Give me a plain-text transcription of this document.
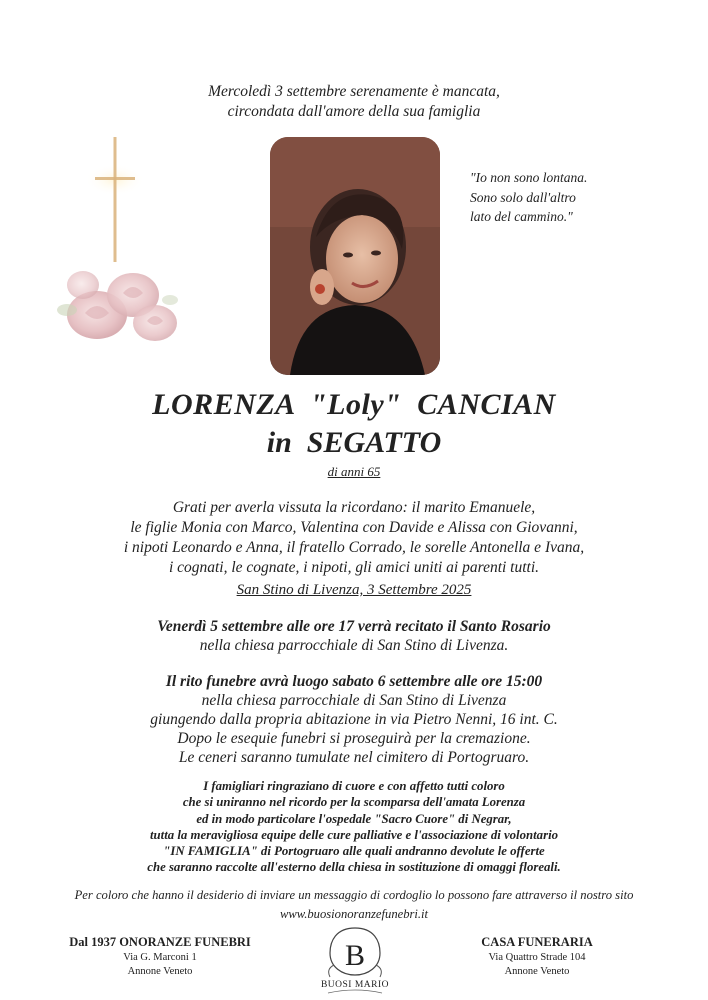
Mercoledì 3 settembre serenamente è mancata,
circondata dall'amore della sua famiglia
"Io non sono lontana.
Sono solo dall'altro
lato del cammino."
LORENZA  "Loly"  CANCIAN
in  SEGATTO
di anni 65
Grati per averla vissuta la ricordano: il marito Emanuele,
le figlie Monia con Marco, Valentina con Davide e Alissa con Giovanni,
i nipoti Leonardo e Anna, il fratello Corrado, le sorelle Antonella e Ivana,
i cognati, le cognate, i nipoti, gli amici uniti ai parenti tutti.
San Stino di Livenza, 3 Settembre 2025
Venerdì 5 settembre alle ore 17 verrà recitato il Santo Rosario
nella chiesa parrocchiale di San Stino di Livenza.
Il rito funebre avrà luogo sabato 6 settembre alle ore 15:00
nella chiesa parrocchiale di San Stino di Livenza
giungendo dalla propria abitazione in via Pietro Nenni, 16 int. C.
Dopo le esequie funebri si proseguirà per la cremazione.
Le ceneri saranno tumulate nel cimitero di Portogruaro.
I famigliari ringraziano di cuore e con affetto tutti coloro
che si uniranno nel ricordo per la scomparsa dell'amata Lorenza
ed in modo particolare l'ospedale "Sacro Cuore" di Negrar,
tutta la meravigliosa equipe delle cure palliative e l'associazione di volontario
"IN FAMIGLIA" di Portogruaro alle quali andranno devolute le offerte
che saranno raccolte all'esterno della chiesa in sostituzione di omaggi floreali.
Per coloro che hanno il desiderio di inviare un messaggio di cordoglio lo possono fare attraverso il nostro sito
www.buosionoranzefunebri.it
Dal 1937 ONORANZE FUNEBRI
Via G. Marconi 1
Annone Veneto	B
BUOSI MARIO
CASA FUNERARIA
Via Quattro Strade 104
Annone Veneto
